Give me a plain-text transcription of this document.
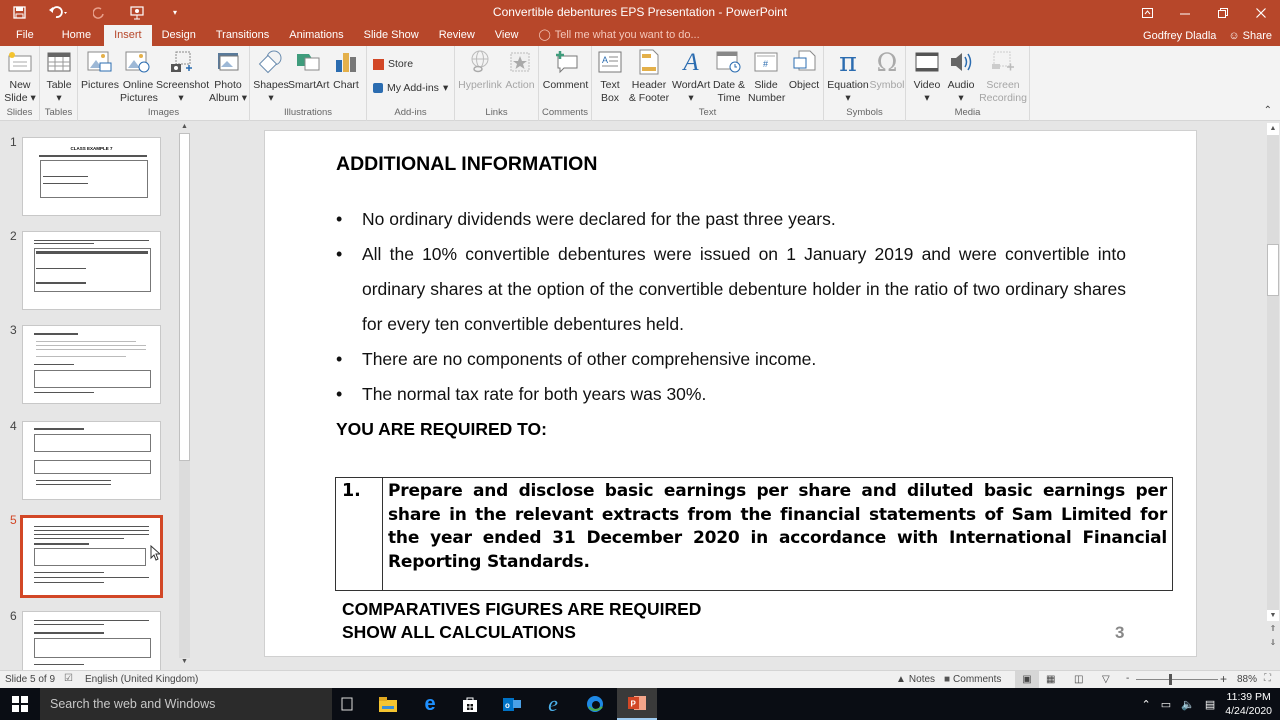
▾	Convertible debentures EPS Presentation - PowerPoint
File	Home	Insert	Design	Transitions	Animations	Slide Show	Review	View	◯ Tell me what you want to do...	Godfrey Dladla ☺ Share
New Slide ▾
Slides
Table
▾
Tables
Pictures Online Pictures
Screenshot
▾
Photo Album ▾
Images
Shapes
▾
SmartArt Chart
Illustrations
Store
My Add-ins ▾
Add-ins
Hyperlink Action
Links
Comment
Comments
A
Text Box
Header & Footer
A
WordArt
▾
Date & Time
#
Slide Number
Object
Text
π
Equation
▾
Ω
Symbol
Symbols
Video
▾
Audio
▾
Screen Recording
Media	⌃
1	CLASS EXAMPLE 7
2
3
4
5
6
▲
▼
ADDITIONAL INFORMATION
• No ordinary dividends were declared for the past three years.
• All the 10% convertible debentures were issued on 1 January 2019 and were convertible into ordinary shares at the option of the convertible debenture holder in the ratio of two ordinary shares for every ten convertible debentures held.
• There are no components of other comprehensive income.
• The normal tax rate for both years was 30%.
YOU ARE REQUIRED TO:
1.	Prepare and disclose basic earnings per share and diluted basic earnings per share in the relevant extracts from the financial statements of Sam Limited for the year ended 31 December 2020 in accordance with International Financial Reporting Standards.
COMPARATIVES FIGURES ARE REQUIRED
SHOW ALL CALCULATIONS	3
▲
▼
⇑
⇓
Slide 5 of 9 ☑ English (United Kingdom)	▲ Notes ■ Comments	▣	▦ ◫ ▽ -	+ 88% ⛶
Search the web and Windows	e	o e	P	⌃ ▭ 🔈 ▤
11:39 PM
4/24/2020
